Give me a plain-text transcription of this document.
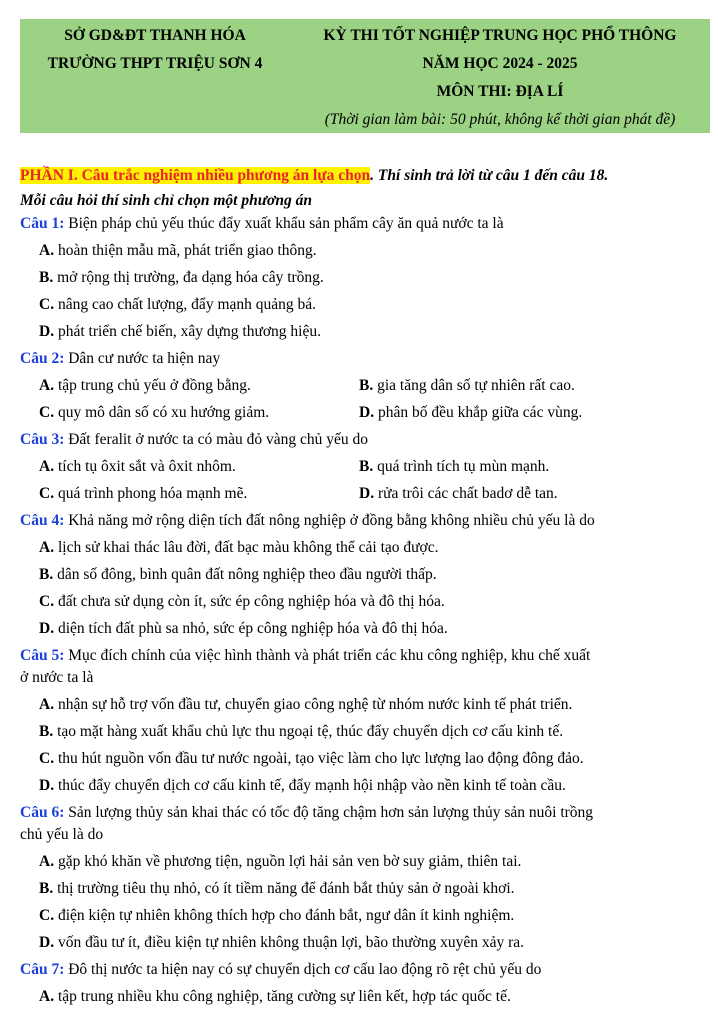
SỞ GD&ĐT THANH HÓA
TRƯỜNG THPT TRIỆU SƠN 4
KỲ THI TỐT NGHIỆP TRUNG HỌC PHỔ THÔNG
NĂM HỌC 2024 - 2025
MÔN THI: ĐỊA LÍ
(Thời gian làm bài: 50 phút, không kể thời gian phát đề)
PHẦN I. Câu trắc nghiệm nhiều phương án lựa chọn. Thí sinh trả lời từ câu 1 đến câu 18.
Mỗi câu hỏi thí sinh chỉ chọn một phương án
Câu 1: Biện pháp chủ yếu thúc đẩy xuất khẩu sản phẩm cây ăn quả nước ta là
A. hoàn thiện mẫu mã, phát triển giao thông.
B. mở rộng thị trường, đa dạng hóa cây trồng.
C. nâng cao chất lượng, đẩy mạnh quảng bá.
D. phát triển chế biến, xây dựng thương hiệu.
Câu 2: Dân cư nước ta hiện nay
A. tập trung chủ yếu ở đồng bằng.	B. gia tăng dân số tự nhiên rất cao.
C. quy mô dân số có xu hướng giảm.	D. phân bố đều khắp giữa các vùng.
Câu 3: Đất feralit ở nước ta có màu đỏ vàng chủ yếu do
A. tích tụ ôxit sắt và ôxit nhôm.	B. quá trình tích tụ mùn mạnh.
C. quá trình phong hóa mạnh mẽ.	D. rửa trôi các chất badơ dễ tan.
Câu 4: Khả năng mở rộng diện tích đất nông nghiệp ở đồng bằng không nhiều chủ yếu là do
A. lịch sử khai thác lâu đời, đất bạc màu không thể cải tạo được.
B. dân số đông, bình quân đất nông nghiệp theo đầu người thấp.
C. đất chưa sử dụng còn ít, sức ép công nghiệp hóa và đô thị hóa.
D. diện tích đất phù sa nhỏ, sức ép công nghiệp hóa và đô thị hóa.
Câu 5: Mục đích chính của việc hình thành và phát triển các khu công nghiệp, khu chế xuất
ở nước ta là
A. nhận sự hỗ trợ vốn đầu tư, chuyển giao công nghệ từ nhóm nước kinh tế phát triển.
B. tạo mặt hàng xuất khẩu chủ lực thu ngoại tệ, thúc đẩy chuyển dịch cơ cấu kinh tế.
C. thu hút nguồn vốn đầu tư nước ngoài, tạo việc làm cho lực lượng lao động đông đảo.
D. thúc đẩy chuyển dịch cơ cấu kinh tế, đẩy mạnh hội nhập vào nền kinh tế toàn cầu.
Câu 6: Sản lượng thủy sản khai thác có tốc độ tăng chậm hơn sản lượng thủy sản nuôi trồng
chủ yếu là do
A. gặp khó khăn về phương tiện, nguồn lợi hải sản ven bờ suy giảm, thiên tai.
B. thị trường tiêu thụ nhỏ, có ít tiềm năng để đánh bắt thủy sản ở ngoài khơi.
C. điện kiện tự nhiên không thích hợp cho đánh bắt, ngư dân ít kinh nghiệm.
D. vốn đầu tư ít, điều kiện tự nhiên không thuận lợi, bão thường xuyên xảy ra.
Câu 7: Đô thị nước ta hiện nay có sự chuyển dịch cơ cấu lao động rõ rệt chủ yếu do
A. tập trung nhiều khu công nghiệp, tăng cường sự liên kết, hợp tác quốc tế.
